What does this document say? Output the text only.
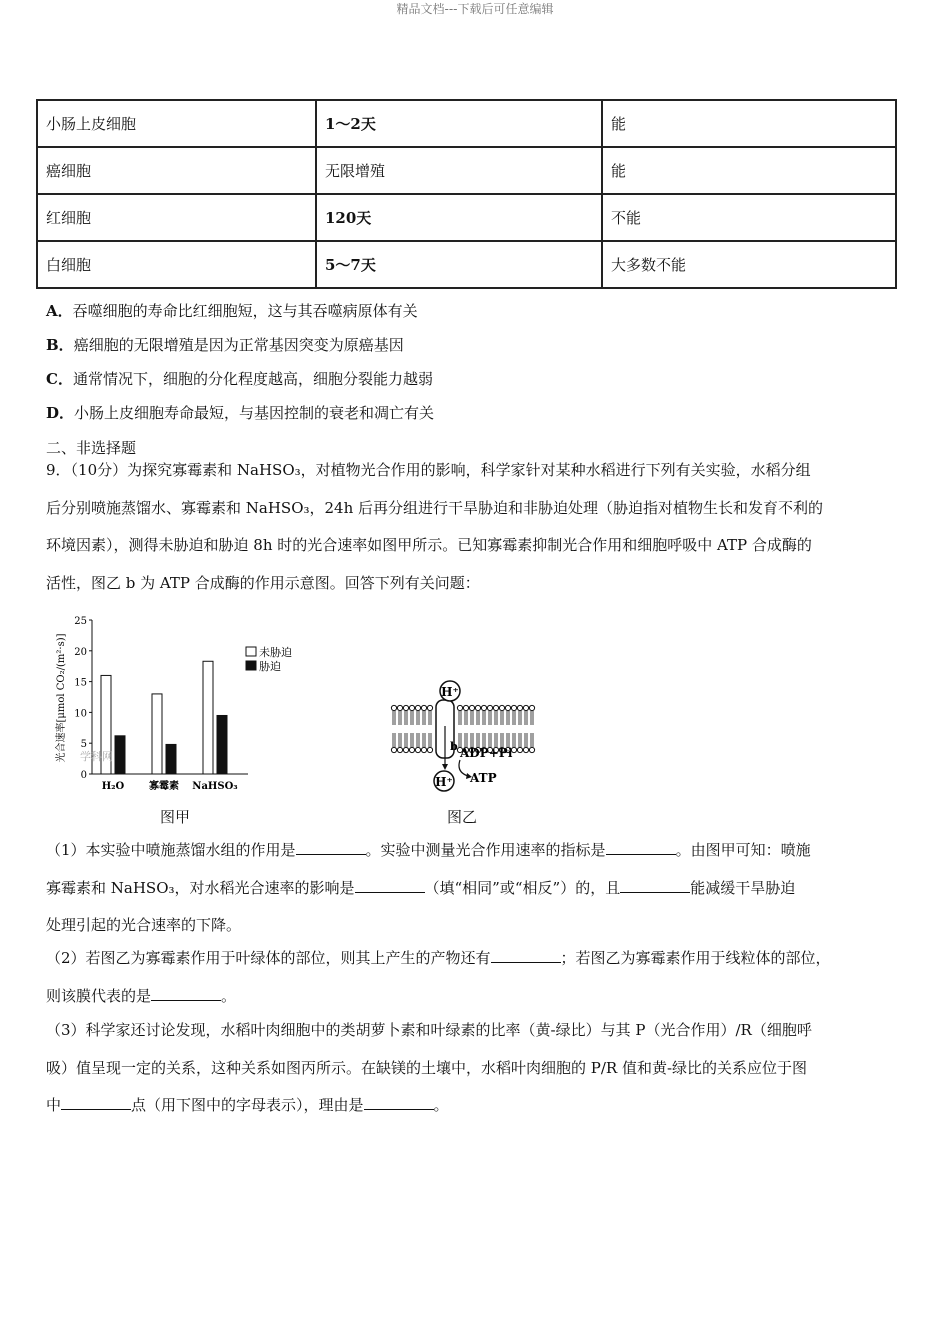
精品文档---下载后可任意编辑
小肠上皮细胞	1～2天	能
癌细胞	无限增殖	能
红细胞	120天	不能
白细胞	5～7天	大多数不能
A．吞噬细胞的寿命比红细胞短，这与其吞噬病原体有关
B．癌细胞的无限增殖是因为正常基因突变为原癌基因
C．通常情况下，细胞的分化程度越高，细胞分裂能力越弱
D．小肠上皮细胞寿命最短，与基因控制的衰老和凋亡有关
二、非选择题
9．（10分）为探究寡霉素和 NaHSO₃，对植物光合作用的影响，科学家针对某种水稻进行下列有关实验，水稻分组
后分别喷施蒸馏水、寡霉素和 NaHSO₃，24h 后再分组进行干旱胁迫和非胁迫处理（胁迫指对植物生长和发育不利的
环境因素），测得未胁迫和胁迫 8h 时的光合速率如图甲所示。已知寡霉素抑制光合作用和细胞呼吸中 ATP 合成酶的
活性，图乙 b 为 ATP 合成酶的作用示意图。回答下列有关问题：
光合速率[μmol CO₂/(m²·s)]
0
5
10
15
20
25
H₂O 寡霉素 NaHSO₃
学科网
未胁迫
胁迫
图甲
H⁺
b ADP+Pi
H⁺ ATP
图乙
（1）本实验中喷施蒸馏水组的作用是	。实验中测量光合作用速率的指标是	。由图甲可知：喷施
寡霉素和 NaHSO₃，对水稻光合速率的影响是	（填“相同”或“相反”）的，且	能减缓干旱胁迫
处理引起的光合速率的下降。
（2）若图乙为寡霉素作用于叶绿体的部位，则其上产生的产物还有	；若图乙为寡霉素作用于线粒体的部位，
则该膜代表的是	。
（3）科学家还讨论发现，水稻叶肉细胞中的类胡萝卜素和叶绿素的比率（黄-绿比）与其 P（光合作用）/R（细胞呼
吸）值呈现一定的关系，这种关系如图丙所示。在缺镁的土壤中，水稻叶肉细胞的 P/R 值和黄-绿比的关系应位于图
中	点（用下图中的字母表示），理由是	。
